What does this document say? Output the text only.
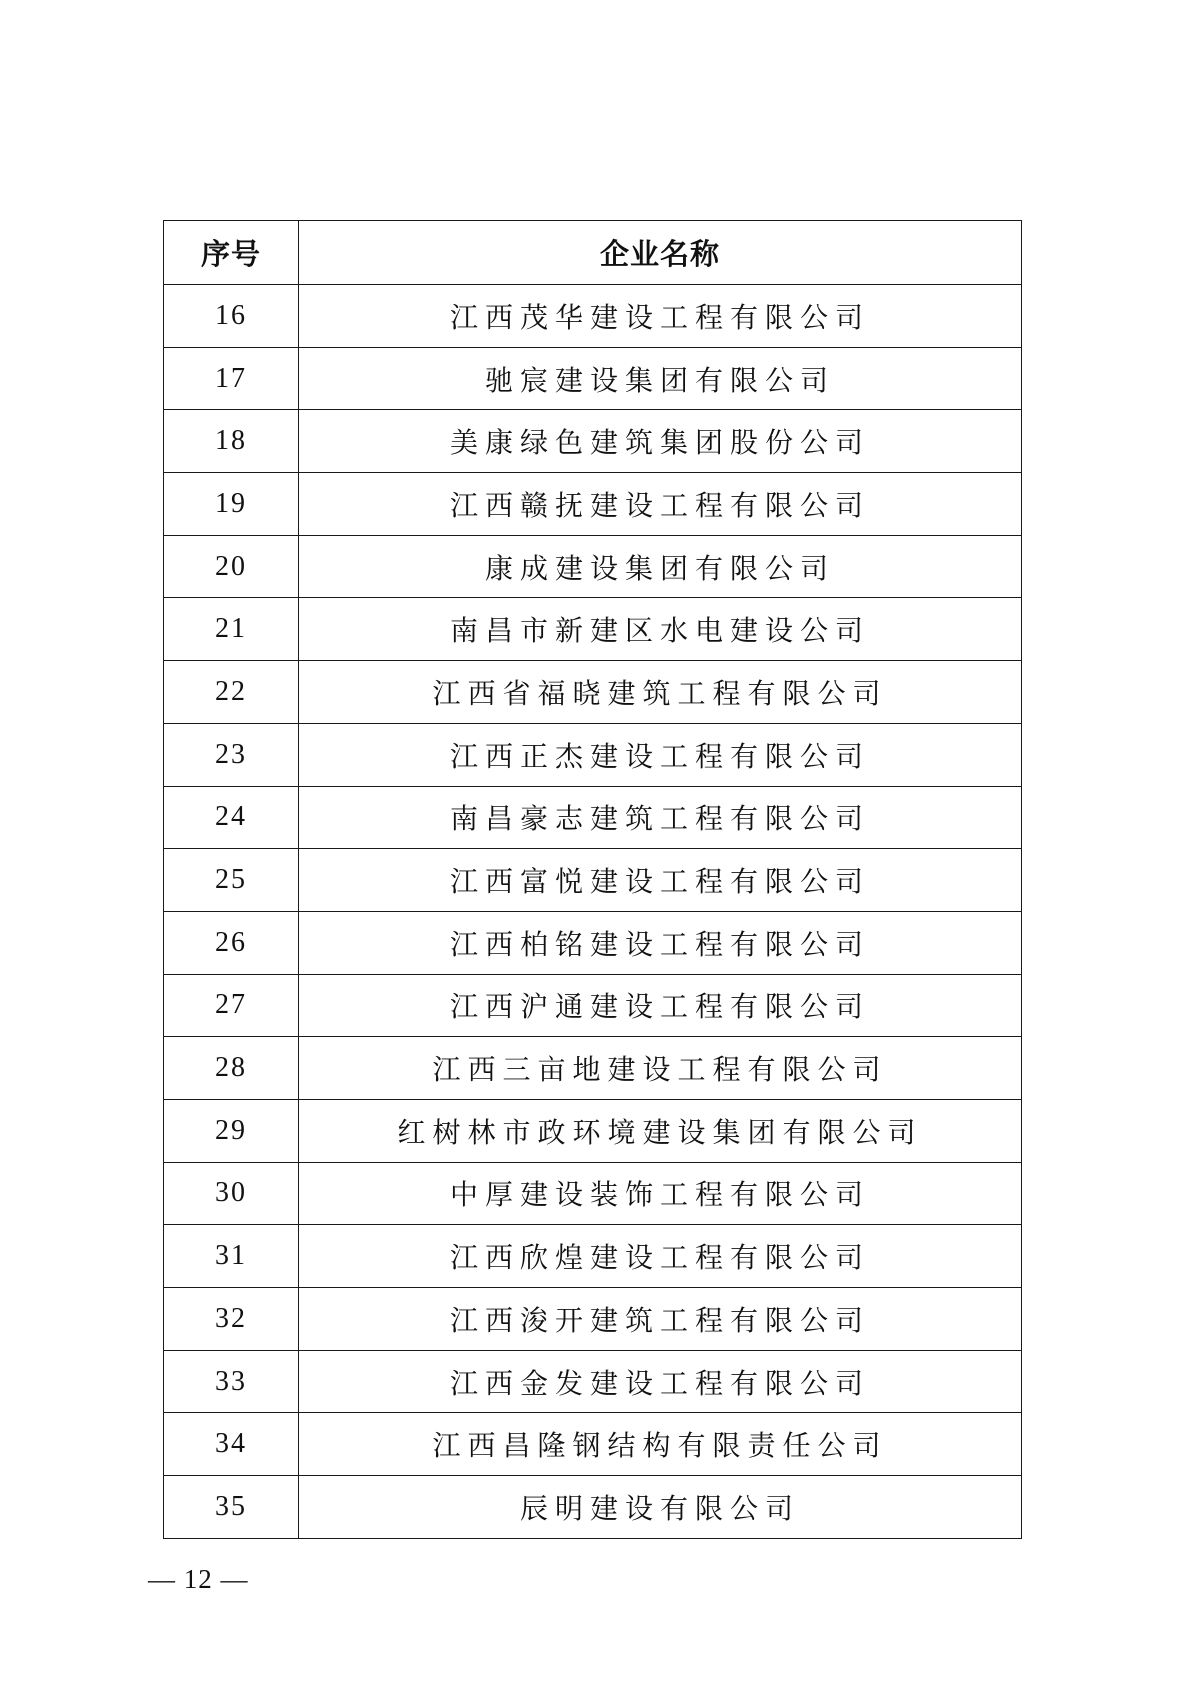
序号	企业名称
16	江西茂华建设工程有限公司
17	驰宸建设集团有限公司
18	美康绿色建筑集团股份公司
19	江西赣抚建设工程有限公司
20	康成建设集团有限公司
21	南昌市新建区水电建设公司
22	江西省福晓建筑工程有限公司
23	江西正杰建设工程有限公司
24	南昌豪志建筑工程有限公司
25	江西富悦建设工程有限公司
26	江西柏铭建设工程有限公司
27	江西沪通建设工程有限公司
28	江西三亩地建设工程有限公司
29	红树林市政环境建设集团有限公司
30	中厚建设装饰工程有限公司
31	江西欣煌建设工程有限公司
32	江西浚开建筑工程有限公司
33	江西金发建设工程有限公司
34	江西昌隆钢结构有限责任公司
35	辰明建设有限公司
— 12 —
